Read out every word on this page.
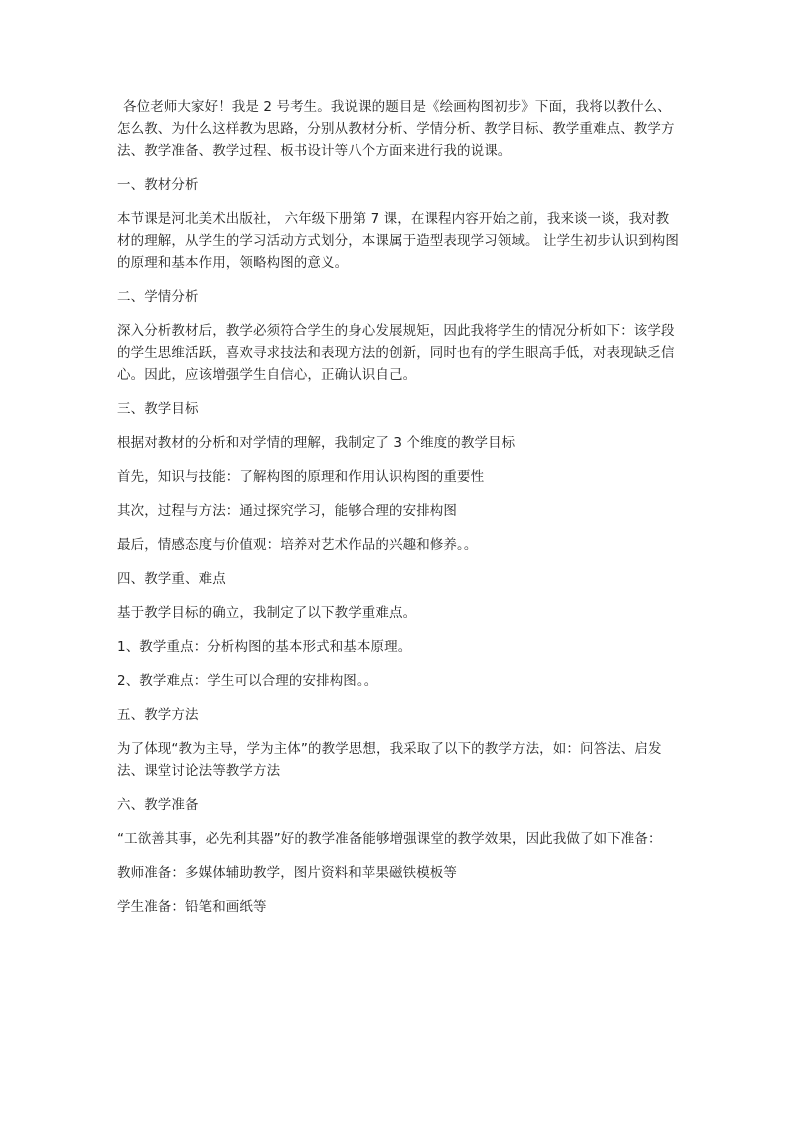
各位老师大家好！我是 2 号考生。我说课的题目是《绘画构图初步》下面，我将以教什么、怎么教、为什么这样教为思路，分别从教材分析、学情分析、教学目标、教学重难点、教学方法、教学准备、教学过程、板书设计等八个方面来进行我的说课。

一、教材分析

本节课是河北美术出版社， 六年级下册第 7 课，在课程内容开始之前，我来谈一谈，我对教材的理解，从学生的学习活动方式划分，本课属于造型表现学习领域。 让学生初步认识到构图的原理和基本作用，领略构图的意义。

二、学情分析

深入分析教材后，教学必须符合学生的身心发展规矩，因此我将学生的情况分析如下：该学段的学生思维活跃，喜欢寻求技法和表现方法的创新，同时也有的学生眼高手低，对表现缺乏信心。因此，应该增强学生自信心，正确认识自己。

三、教学目标

根据对教材的分析和对学情的理解，我制定了 3 个维度的教学目标

首先，知识与技能：了解构图的原理和作用认识构图的重要性

其次，过程与方法：通过探究学习，能够合理的安排构图

最后，情感态度与价值观：培养对艺术作品的兴趣和修养。。

四、教学重、难点

基于教学目标的确立，我制定了以下教学重难点。

1、教学重点：分析构图的基本形式和基本原理。

2、教学难点：学生可以合理的安排构图。。

五、教学方法

为了体现“教为主导，学为主体”的教学思想，我采取了以下的教学方法，如：问答法、启发法、课堂讨论法等教学方法

六、教学准备

“工欲善其事，必先利其器”好的教学准备能够增强课堂的教学效果，因此我做了如下准备：

教师准备：多媒体辅助教学，图片资料和苹果磁铁模板等

学生准备：铅笔和画纸等
